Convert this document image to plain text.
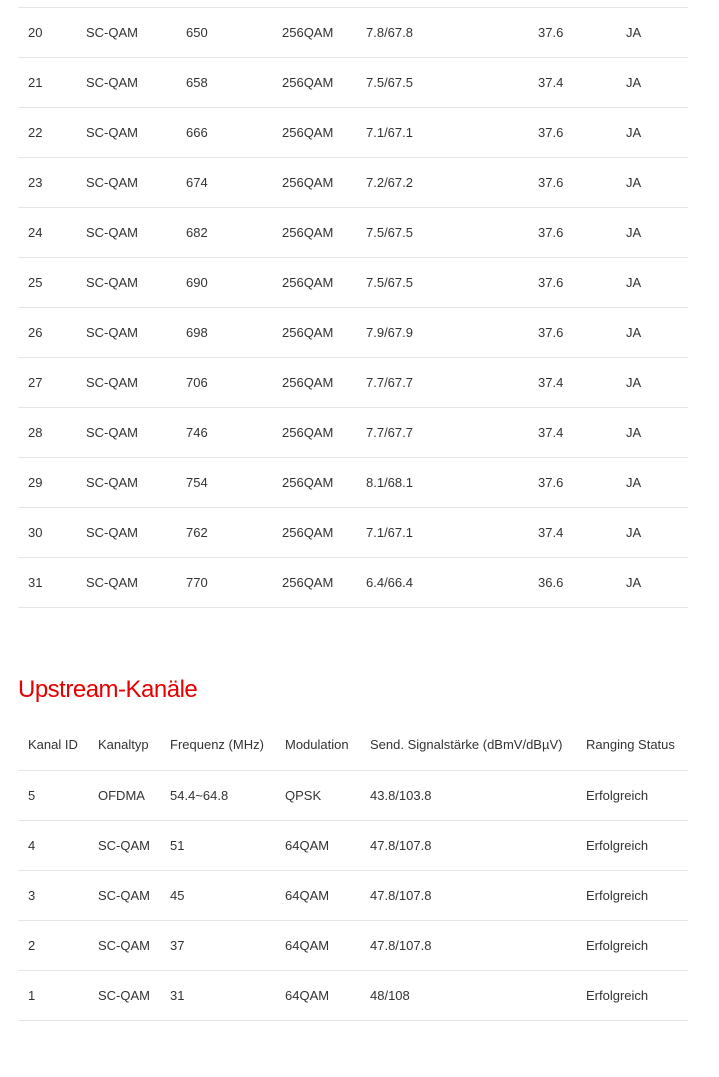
20	SC-QAM	650	256QAM	7.8/67.8	37.6	JA
21	SC-QAM	658	256QAM	7.5/67.5	37.4	JA
22	SC-QAM	666	256QAM	7.1/67.1	37.6	JA
23	SC-QAM	674	256QAM	7.2/67.2	37.6	JA
24	SC-QAM	682	256QAM	7.5/67.5	37.6	JA
25	SC-QAM	690	256QAM	7.5/67.5	37.6	JA
26	SC-QAM	698	256QAM	7.9/67.9	37.6	JA
27	SC-QAM	706	256QAM	7.7/67.7	37.4	JA
28	SC-QAM	746	256QAM	7.7/67.7	37.4	JA
29	SC-QAM	754	256QAM	8.1/68.1	37.6	JA
30	SC-QAM	762	256QAM	7.1/67.1	37.4	JA
31	SC-QAM	770	256QAM	6.4/66.4	36.6	JA
Upstream-Kanäle
Kanal ID	Kanaltyp	Frequenz (MHz)	Modulation	Send. Signalstärke (dBmV/dBµV)	Ranging Status
5	OFDMA	54.4~64.8	QPSK	43.8/103.8	Erfolgreich
4	SC-QAM	51	64QAM	47.8/107.8	Erfolgreich
3	SC-QAM	45	64QAM	47.8/107.8	Erfolgreich
2	SC-QAM	37	64QAM	47.8/107.8	Erfolgreich
1	SC-QAM	31	64QAM	48/108	Erfolgreich
